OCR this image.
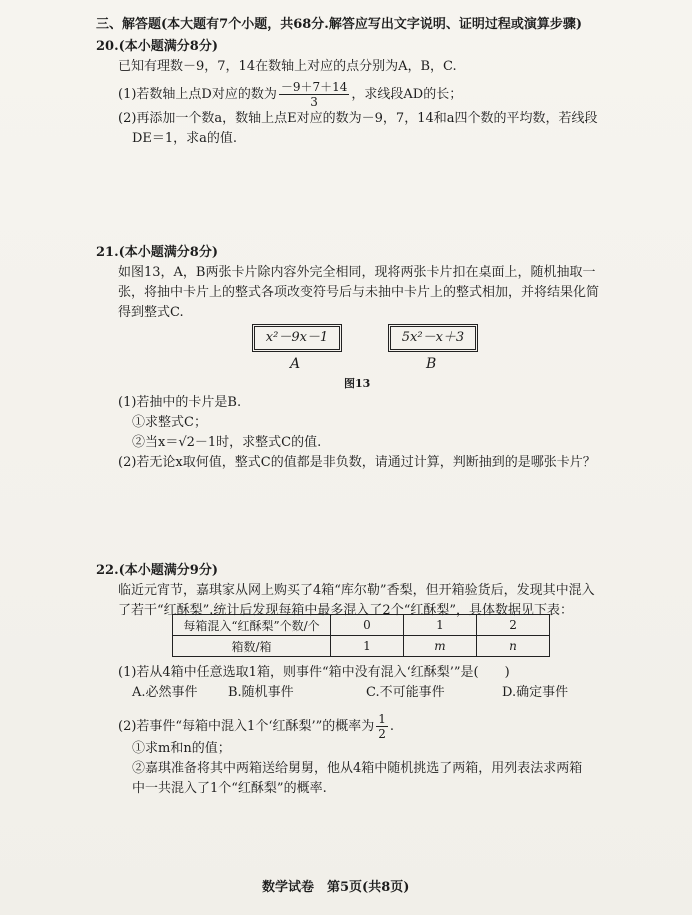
三、解答题(本大题有7个小题，共68分.解答应写出文字说明、证明过程或演算步骤)
20.(本小题满分8分)
已知有理数－9，7，14在数轴上对应的点分别为A，B，C.
(1)若数轴上点D对应的数为 $\frac{-9+7+14}{3}$ ，求线段AD的长；
(2)再添加一个数a，数轴上点E对应的数为－9，7，14和a四个数的平均数，若线段
DE＝1，求a的值.
21.(本小题满分8分)
如图13，A，B两张卡片除内容外完全相同，现将两张卡片扣在桌面上，随机抽取一
张，将抽中卡片上的整式各项改变符号后与未抽中卡片上的整式相加，并将结果化简
得到整式C.
x²－9x－1	5x²－x＋3
A	B
图13
(1)若抽中的卡片是B.
①求整式C；
②当x＝√2－1时，求整式C的值.
(2)若无论x取何值，整式C的值都是非负数，请通过计算，判断抽到的是哪张卡片？
22.(本小题满分9分)
临近元宵节，嘉琪家从网上购买了4箱“库尔勒”香梨，但开箱验货后，发现其中混入
了若干“红酥梨”.统计后发现每箱中最多混入了2个“红酥梨”，具体数据见下表：
每箱混入“红酥梨”个数/个	0	1	2
箱数/箱	1	m	n
(1)若从4箱中任意选取1箱，则事件“箱中没有混入‘红酥梨’”是(　　)
A.必然事件 B.随机事件	C.不可能事件	D.确定事件
(2)若事件“每箱中混入1个‘红酥梨’”的概率为 $\frac{1}{2}$ .
①求m和n的值；
②嘉琪准备将其中两箱送给舅舅，他从4箱中随机挑选了两箱，用列表法求两箱
中一共混入了1个“红酥梨”的概率.
数学试卷　第5页(共8页)
